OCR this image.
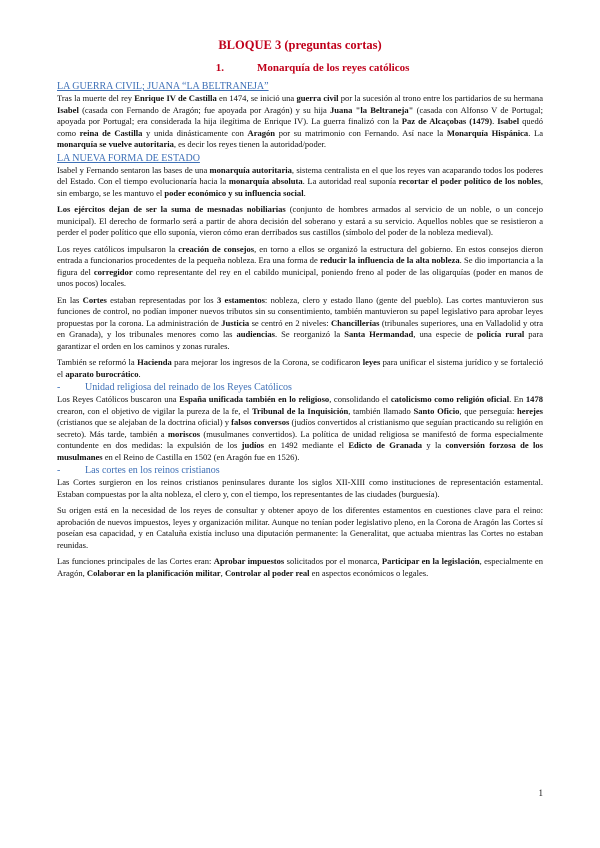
BLOQUE 3 (preguntas cortas)
1.	Monarquía de los reyes católicos
LA GUERRA CIVIL; JUANA “LA BELTRANEJA”

Tras la muerte del rey Enrique IV de Castilla en 1474, se inició una guerra civil por la sucesión al trono entre los partidarios de su hermana Isabel (casada con Fernando de Aragón; fue apoyada por Aragón) y su hija Juana "la Beltraneja" (casada con Alfonso V de Portugal; apoyada por Portugal; era considerada la hija ilegítima de Enrique IV). La guerra finalizó con la Paz de Alcaçobas (1479). Isabel quedó como reina de Castilla y unida dinásticamente con Aragón por su matrimonio con Fernando. Así nace la Monarquía Hispánica. La monarquía se vuelve autoritaria, es decir los reyes tienen la autoridad/poder.

LA NUEVA FORMA DE ESTADO

Isabel y Fernando sentaron las bases de una monarquía autoritaria, sistema centralista en el que los reyes van acaparando todos los poderes del Estado. Con el tiempo evolucionaría hacia la monarquía absoluta. La autoridad real suponía recortar el poder político de los nobles, sin embargo, se les mantuvo el poder económico y su influencia social.

Los ejércitos dejan de ser la suma de mesnadas nobiliarias (conjunto de hombres armados al servicio de un noble, o un concejo municipal). El derecho de formarlo será a partir de ahora decisión del soberano y estará a su servicio. Aquellos nobles que se resistieron a perder el poder político que ello suponía, vieron cómo eran derribados sus castillos (símbolo del poder de la nobleza medieval).

Los reyes católicos impulsaron la creación de consejos, en torno a ellos se organizó la estructura del gobierno. En estos consejos dieron entrada a funcionarios procedentes de la pequeña nobleza. Era una forma de reducir la influencia de la alta nobleza. Se dio importancia a la figura del corregidor como representante del rey en el cabildo municipal, poniendo freno al poder de las oligarquías (poder en manos de unos pocos) locales.

En las Cortes estaban representadas por los 3 estamentos: nobleza, clero y estado llano (gente del pueblo). Las cortes mantuvieron sus funciones de control, no podían imponer nuevos tributos sin su consentimiento, también mantuvieron su papel legislativo para aprobar leyes propuestas por la corona. La administración de Justicia se centró en 2 niveles: Chancillerías (tribunales superiores, una en Valladolid y otra en Granada), y los tribunales menores como las audiencias. Se reorganizó la Santa Hermandad, una especie de policía rural para garantizar el orden en los caminos y zonas rurales.

También se reformó la Hacienda para mejorar los ingresos de la Corona, se codificaron leyes para unificar el sistema jurídico y se fortaleció el aparato burocrático.

-	Unidad religiosa del reinado de los Reyes Católicos

Los Reyes Católicos buscaron una España unificada también en lo religioso, consolidando el catolicismo como religión oficial. En 1478 crearon, con el objetivo de vigilar la pureza de la fe, el Tribunal de la Inquisición, también llamado Santo Oficio, que perseguía: herejes (cristianos que se alejaban de la doctrina oficial) y falsos conversos (judíos convertidos al cristianismo que seguían practicando su religión en secreto). Más tarde, también a moriscos (musulmanes convertidos). La política de unidad religiosa se manifestó de forma especialmente contundente en dos medidas: la expulsión de los judíos en 1492 mediante el Edicto de Granada y la conversión forzosa de los musulmanes en el Reino de Castilla en 1502 (en Aragón fue en 1526).

-	Las cortes en los reinos cristianos

Las Cortes surgieron en los reinos cristianos peninsulares durante los siglos XII-XIII como instituciones de representación estamental. Estaban compuestas por la alta nobleza, el clero y, con el tiempo, los representantes de las ciudades (burguesía).

Su origen está en la necesidad de los reyes de consultar y obtener apoyo de los diferentes estamentos en cuestiones clave para el reino: aprobación de nuevos impuestos, leyes y organización militar. Aunque no tenían poder legislativo pleno, en la Corona de Aragón las Cortes sí poseían esa capacidad, y en Cataluña existía incluso una diputación permanente: la Generalitat, que actuaba mientras las Cortes no estaban reunidas.

Las funciones principales de las Cortes eran: Aprobar impuestos solicitados por el monarca, Participar en la legislación, especialmente en Aragón, Colaborar en la planificación militar, Controlar al poder real en aspectos económicos o legales.

1
